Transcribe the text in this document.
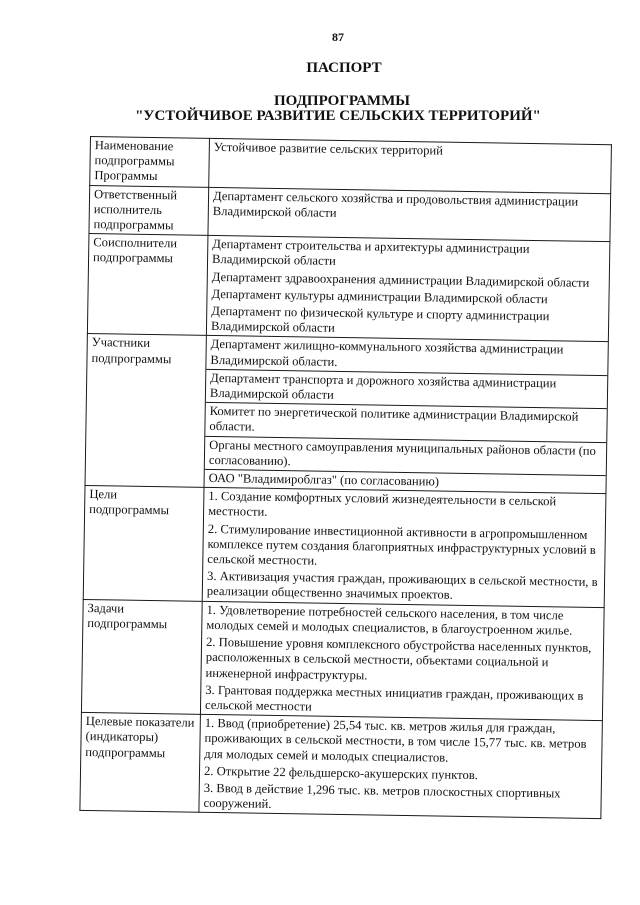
87
ПАСПОРТ
ПОДПРОГРАММЫ
"УСТОЙЧИВОЕ РАЗВИТИЕ СЕЛЬСКИХ ТЕРРИТОРИЙ"
Наименование подпрограммы Программы	Устойчивое развитие сельских территорий

Ответственный исполнитель подпрограммы	Департамент сельского хозяйства и продовольствия администрации Владимирской области

Соисполнители подпрограммы	Департамент строительства и архитектуры администрации Владимирской области
Департамент здравоохранения администрации Владимирской области
Департамент культуры администрации Владимирской области
Департамент по физической культуре и спорту администрации Владимирской области

Участники подпрограммы	Департамент жилищно-коммунального хозяйства администрации Владимирской области.
Департамент транспорта и дорожного хозяйства администрации Владимирской области
Комитет по энергетической политике администрации Владимирской области.
Органы местного самоуправления муниципальных районов области (по согласованию).
ОАО "Владимироблгаз" (по согласованию)

Цели подпрограммы	1. Создание комфортных условий жизнедеятельности в сельской местности.
2. Стимулирование инвестиционной активности в агропромышленном комплексе путем создания благоприятных инфраструктурных условий в сельской местности.
3. Активизация участия граждан, проживающих в сельской местности, в реализации общественно значимых проектов.

Задачи подпрограммы	1. Удовлетворение потребностей сельского населения, в том числе молодых семей и молодых специалистов, в благоустроенном жилье.
2. Повышение уровня комплексного обустройства населенных пунктов, расположенных в сельской местности, объектами социальной и инженерной инфраструктуры.
3. Грантовая поддержка местных инициатив граждан, проживающих в сельской местности

Целевые показатели (индикаторы) подпрограммы	1. Ввод (приобретение) 25,54 тыс. кв. метров жилья для граждан, проживающих в сельской местности, в том числе 15,77 тыс. кв. метров для молодых семей и молодых специалистов.
2. Открытие 22 фельдшерско-акушерских пунктов.
3. Ввод в действие 1,296 тыс. кв. метров плоскостных спортивных сооружений.
